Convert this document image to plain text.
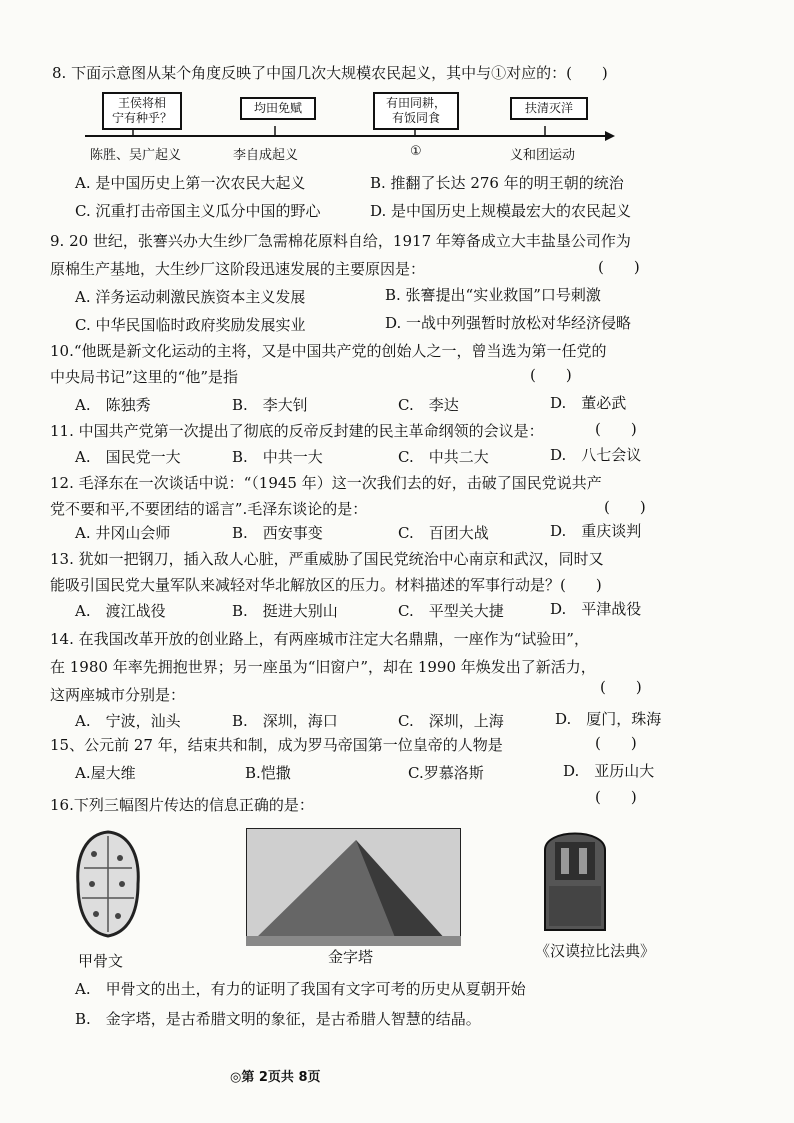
8. 下面示意图从某个角度反映了中国几次大规模农民起义，其中与①对应的：(　　)
王侯将相
宁有种乎？
均田免赋	有田同耕，
有饭同食
扶清灭洋
陈胜、吴广起义	李自成起义	①	义和团运动
A. 是中国历史上第一次农民大起义	B. 推翻了长达 276 年的明王朝的统治
C. 沉重打击帝国主义瓜分中国的野心	D. 是中国历史上规模最宏大的农民起义
9. 20 世纪，张謇兴办大生纱厂急需棉花原料自给，1917 年筹备成立大丰盐垦公司作为
原棉生产基地，大生纱厂这阶段迅速发展的主要原因是：	(　　)
A. 洋务运动刺激民族资本主义发展	B. 张謇提出“实业救国”口号刺激
C. 中华民国临时政府奖励发展实业	D. 一战中列强暂时放松对华经济侵略
10.“他既是新文化运动的主将，又是中国共产党的创始人之一，曾当选为第一任党的
中央局书记”这里的“他”是指	(　　)
A.　陈独秀	B.　李大钊	C.　李达	D.　董必武
11. 中国共产党第一次提出了彻底的反帝反封建的民主革命纲领的会议是：	(　　)
A.　国民党一大	B.　中共一大	C.　中共二大	D.　八七会议
12. 毛泽东在一次谈话中说：“（1945 年）这一次我们去的好，击破了国民党说共产
党不要和平,不要团结的谣言”.毛泽东谈论的是：	(　　)
A. 井冈山会师	B.　西安事变	C.　百团大战	D.　重庆谈判
13. 犹如一把钢刀，插入敌人心脏，严重威胁了国民党统治中心南京和武汉，同时又
能吸引国民党大量军队来减轻对华北解放区的压力。材料描述的军事行动是？(　　)
A.　渡江战役	B.　挺进大别山	C.　平型关大捷	D.　平津战役
14. 在我国改革开放的创业路上，有两座城市注定大名鼎鼎，一座作为“试验田”，
在 1980 年率先拥抱世界；另一座虽为“旧窗户”，却在 1990 年焕发出了新活力，
这两座城市分别是：	(　　)
A.　宁波，汕头	B.　深圳，海口	C.　深圳，上海	D.　厦门，珠海
15、公元前 27 年，结束共和制，成为罗马帝国第一位皇帝的人物是	(　　)
A.屋大维	B.恺撒	C.罗慕洛斯	D.　亚历山大
16.下列三幅图片传达的信息正确的是：	(　　)
甲骨文	金字塔	《汉谟拉比法典》
A.　甲骨文的出土，有力的证明了我国有文字可考的历史从夏朝开始
B.　金字塔，是古希腊文明的象征，是古希腊人智慧的结晶。
◎第 2页共 8页
